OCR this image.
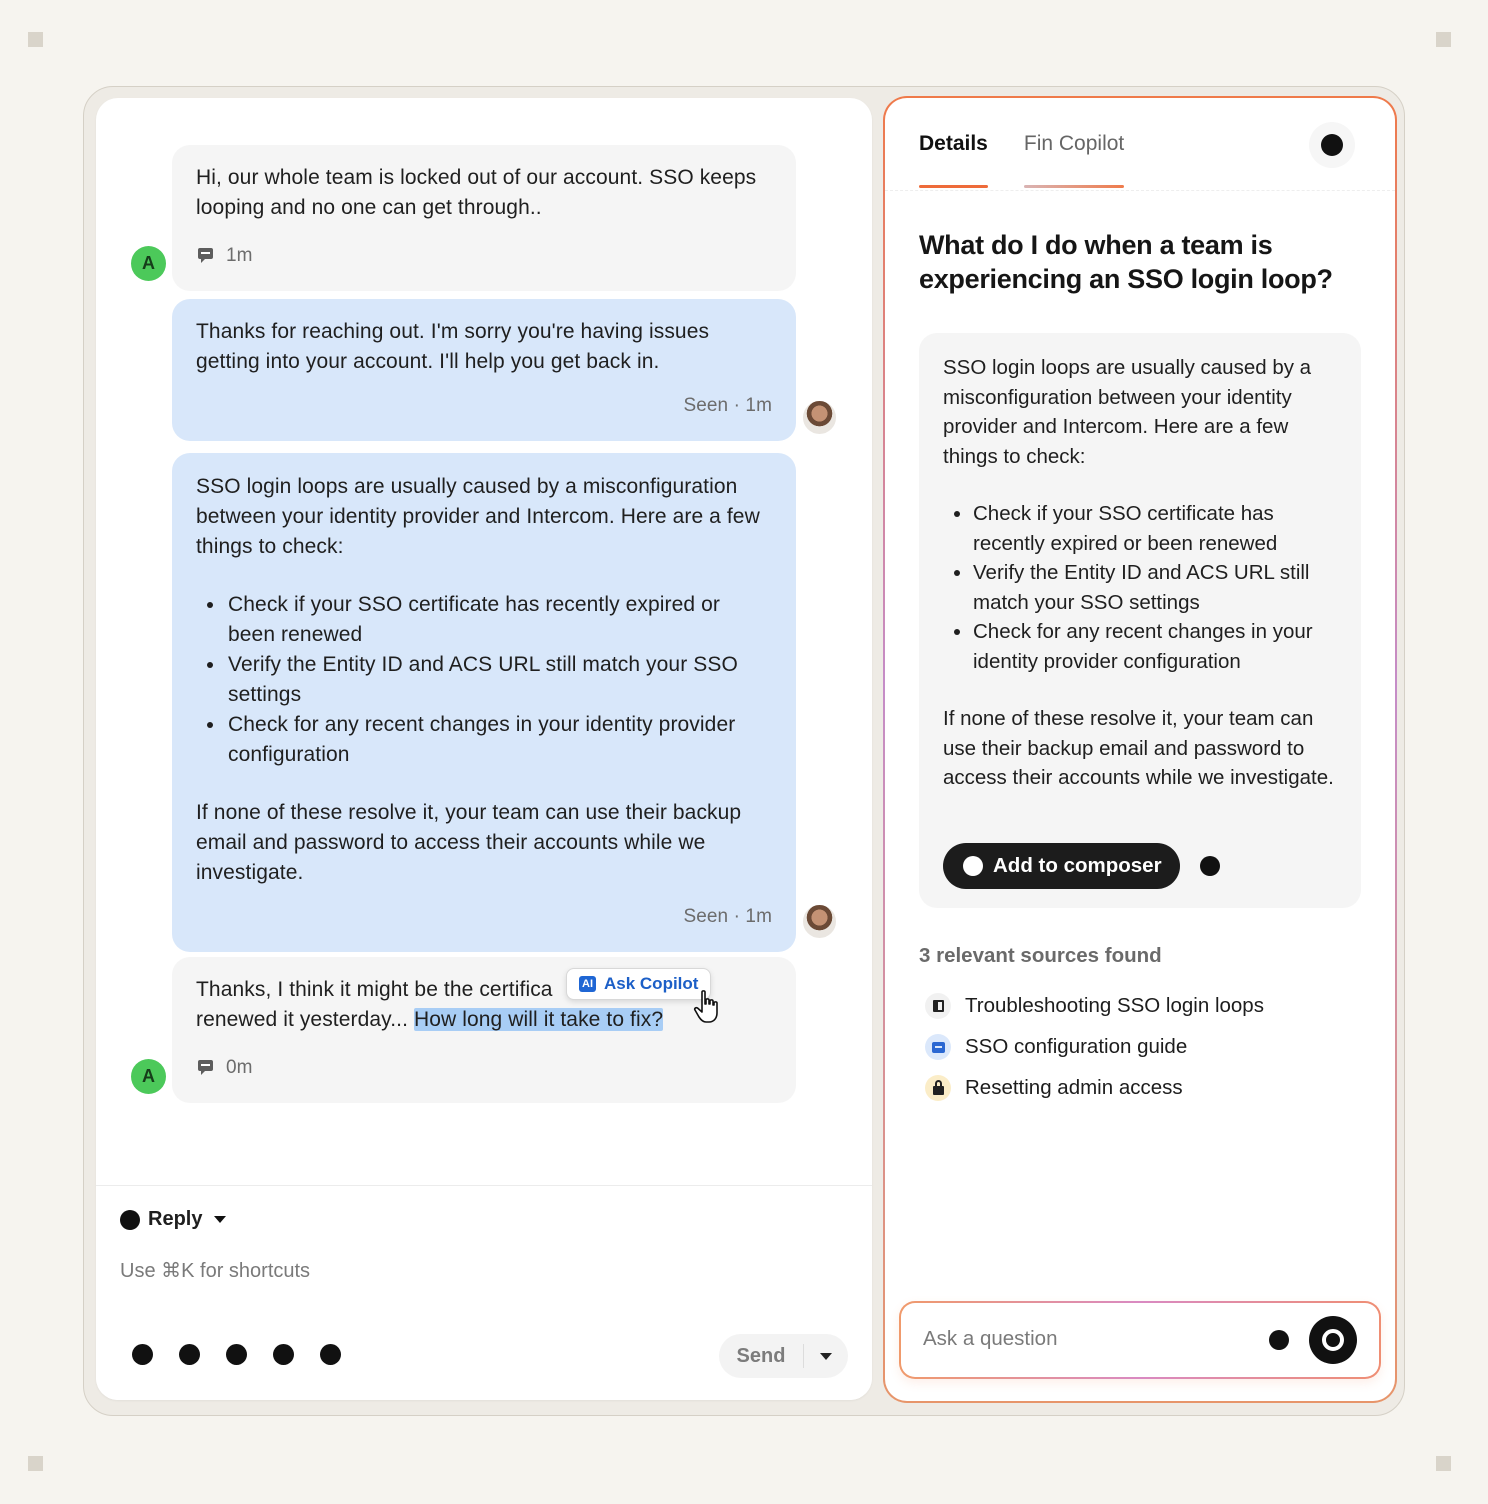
Hi, our whole team is locked out of our account. SSO keeps looping and no one can get through..

1m
A

Thanks for reaching out. I'm sorry you're having issues getting into your account. I'll help you get back in.

Seen · 1m

SSO login loops are usually caused by a misconfiguration between your identity provider and Intercom. Here are a few things to check:

• Check if your SSO certificate has recently expired or been renewed
• Verify the Entity ID and ACS URL still match your SSO settings
• Check for any recent changes in your identity provider configuration

If none of these resolve it, your team can use their backup email and password to access their accounts while we investigate.

Seen · 1m

Thanks, I think it might be the certifica
renewed it yesterday... How long will it take to fix?

0m
A
AI Ask Copilot
Reply
Use ⌘K for shortcuts
Send
Details Fin Copilot
What do I do when a team is experiencing an SSO login loop?

SSO login loops are usually caused by a misconfiguration between your identity provider and Intercom. Here are a few things to check:

• Check if your SSO certificate has recently expired or been renewed
• Verify the Entity ID and ACS URL still match your SSO settings
• Check for any recent changes in your identity provider configuration

If none of these resolve it, your team can use their backup email and password to access their accounts while we investigate.

Add to composer
3 relevant sources found
Troubleshooting SSO login loops
SSO configuration guide
Resetting admin access
Ask a question
